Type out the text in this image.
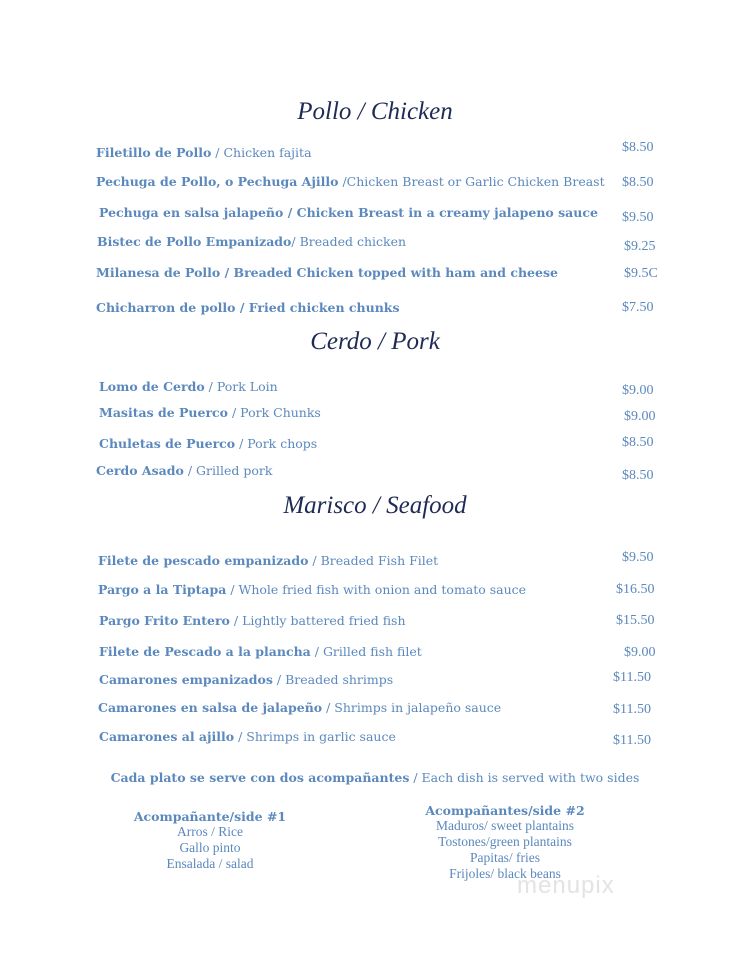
Pollo / Chicken
Filetillo de Pollo / Chicken fajita	$8.50
Pechuga de Pollo, o Pechuga Ajillo /Chicken Breast or Garlic Chicken Breast $8.50
Pechuga en salsa jalapeño / Chicken Breast in a creamy jalapeno sauce $9.50
Bistec de Pollo Empanizado/ Breaded chicken	$9.25
Milanesa de Pollo / Breaded Chicken topped with ham and cheese	$9.5C
Chicharron de pollo / Fried chicken chunks	$7.50
Cerdo / Pork
Lomo de Cerdo / Pork Loin	$9.00
Masitas de Puerco / Pork Chunks	$9.00
Chuletas de Puerco / Pork chops	$8.50
Cerdo Asado / Grilled pork	$8.50
Marisco / Seafood
Filete de pescado empanizado / Breaded Fish Filet	$9.50
Pargo a la Tiptapa / Whole fried fish with onion and tomato sauce	$16.50
Pargo Frito Entero / Lightly battered fried fish	$15.50
Filete de Pescado a la plancha / Grilled fish filet	$9.00
Camarones empanizados / Breaded shrimps	$11.50
Camarones en salsa de jalapeño / Shrimps in jalapeño sauce	$11.50
Camarones al ajillo / Shrimps in garlic sauce	$11.50
Cada plato se serve con dos acompañantes / Each dish is served with two sides
Acompañante/side #1
Arros / Rice
Gallo pinto
Ensalada / salad
Acompañantes/side #2
Maduros/ sweet plantains
Tostones/green plantains
Papitas/ fries
Frijoles/ black beans
menupix
